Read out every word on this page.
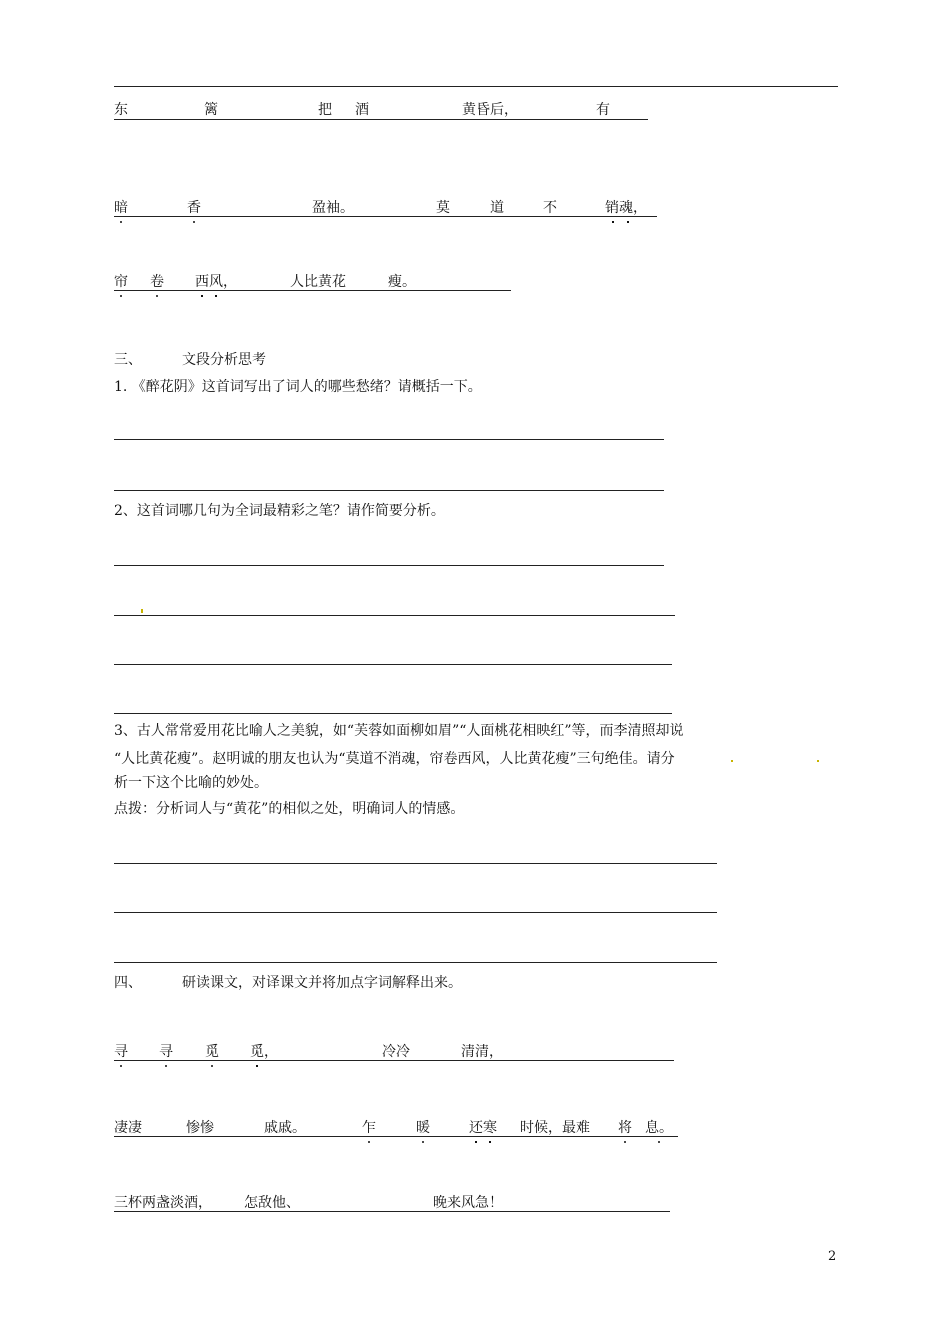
东	篱	把 酒	黄昏后，	有
暗	香	盈袖。	莫	道	不	销魂，
帘 卷 西风，	人比黄花	瘦。
三、	文段分析思考
1. 《醉花阴》这首词写出了词人的哪些愁绪？请概括一下。
2、这首词哪几句为全词最精彩之笔？请作简要分析。
3、古人常常爱用花比喻人之美貌，如“芙蓉如面柳如眉”“人面桃花相映红”等，而李清照却说
“人比黄花瘦”。赵明诚的朋友也认为“莫道不消魂，帘卷西风，人比黄花瘦”三句绝佳。请分
析一下这个比喻的妙处。
点拨：分析词人与“黄花”的相似之处，明确词人的情感。
四、	研读课文，对译课文并将加点字词解释出来。
寻 寻 觅 觅，	冷冷	清清，
凄凄	惨惨	戚戚。	乍	暖	还寒 时候，最难 将 息。
三杯两盏淡酒， 怎敌他、	晚来风急！
2
